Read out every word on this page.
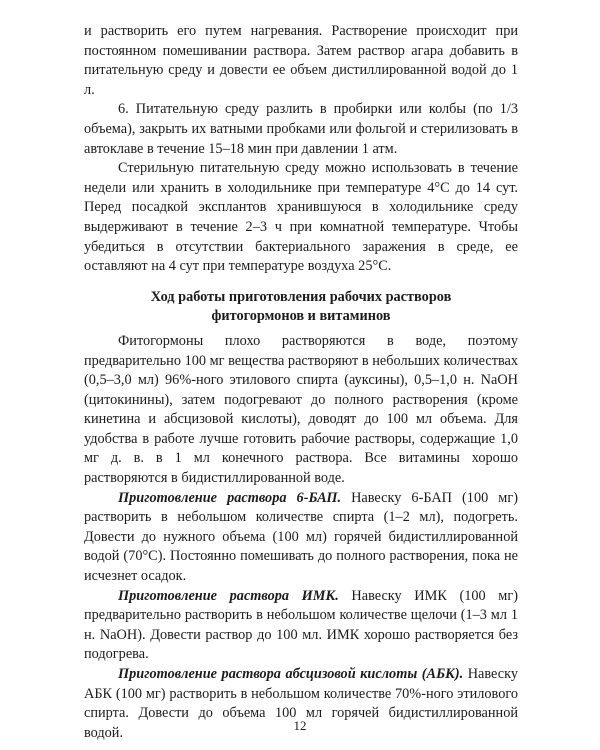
и растворить его путем нагревания. Растворение происходит при постоянном помешивании раствора. Затем раствор агара добавить в питательную среду и довести ее объем дистиллированной водой до 1 л.

6. Питательную среду разлить в пробирки или колбы (по 1/3 объема), закрыть их ватными пробками или фольгой и стерилизовать в автоклаве в течение 15–18 мин при давлении 1 атм.

Стерильную питательную среду можно использовать в течение недели или хранить в холодильнике при температуре 4°С до 14 сут. Перед посадкой эксплантов хранившуюся в холодильнике среду выдерживают в течение 2–3 ч при комнатной температуре. Чтобы убедиться в отсутствии бактериального заражения в среде, ее оставляют на 4 сут при температуре воздуха 25°С.

Ход работы приготовления рабочих растворов
фитогормонов и витаминов

Фитогормоны плохо растворяются в воде, поэтому предварительно 100 мг вещества растворяют в небольших количествах (0,5–3,0 мл) 96%-ного этилового спирта (ауксины), 0,5–1,0 н. NaOH (цитокинины), затем подогревают до полного растворения (кроме кинетина и абсцизовой кислоты), доводят до 100 мл объема. Для удобства в работе лучше готовить рабочие растворы, содержащие 1,0 мг д. в. в 1 мл конечного раствора. Все витамины хорошо растворяются в бидистиллированной воде.

Приготовление раствора 6-БАП. Навеску 6-БАП (100 мг) растворить в небольшом количестве спирта (1–2 мл), подогреть. Довести до нужного объема (100 мл) горячей бидистиллированной водой (70°С). Постоянно помешивать до полного растворения, пока не исчезнет осадок.

Приготовление раствора ИМК. Навеску ИМК (100 мг) предварительно растворить в небольшом количестве щелочи (1–3 мл 1 н. NaOH). Довести раствор до 100 мл. ИМК хорошо растворяется без подогрева.

Приготовление раствора абсцизовой кислоты (АБК). Навеску АБК (100 мг) растворить в небольшом количестве 70%-ного этилового спирта. Довести до объема 100 мл горячей бидистиллированной водой.	12
